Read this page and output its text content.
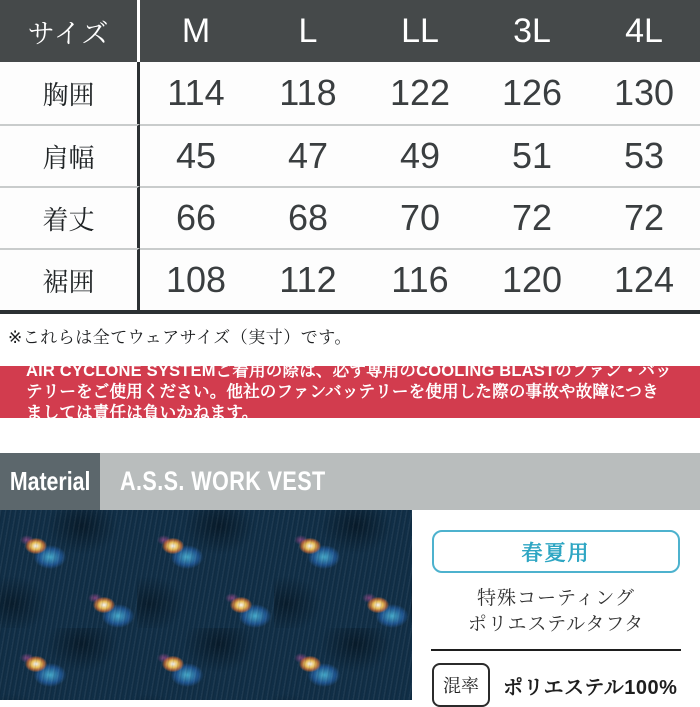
サイズ	M	L	LL	3L	4L
胸囲	114	118	122	126	130
肩幅	45	47	49	51	53
着丈	66	68	70	72	72
裾囲	108	112	116	120	124
※これらは全てウェアサイズ（実寸）です。

AIR CYCLONE SYSTEMご着用の際は、必ず専用のCOOLING BLASTのファン・バッテリーをご使用ください。他社のファンバッテリーを使用した際の事故や故障につきましては責任は負いかねます。

Material A.S.S. WORK VEST
春夏用
特殊コーティング
ポリエステルタフタ
混率	ポリエステル100%
